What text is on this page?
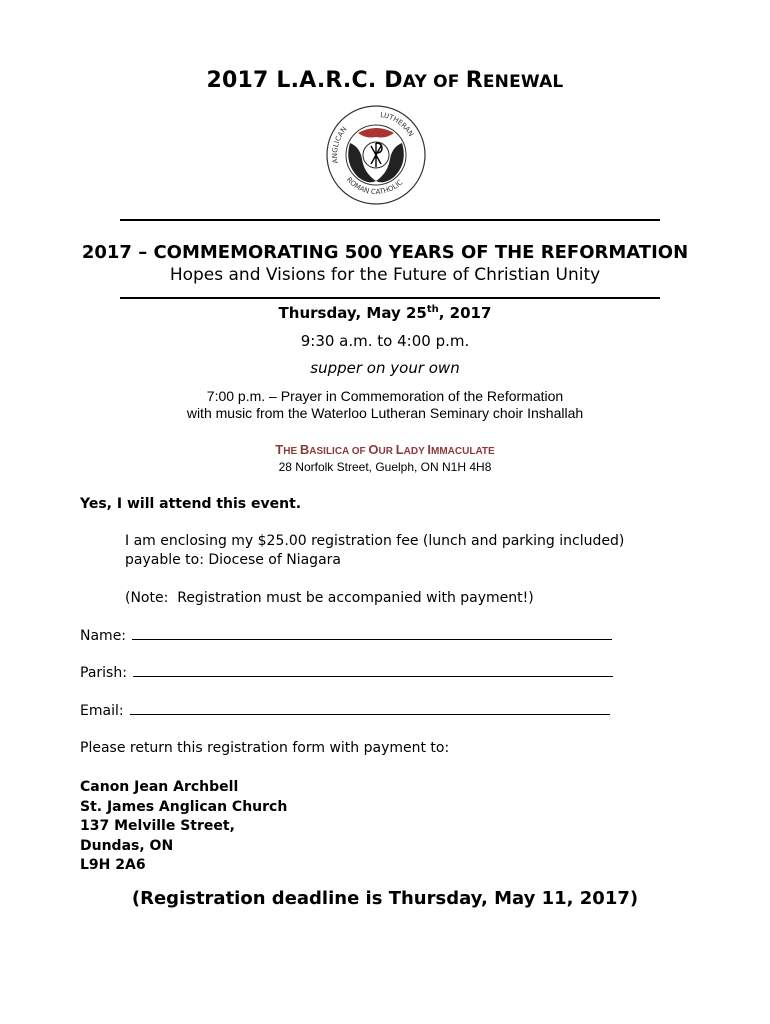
2017 L.A.R.C. DAY OF RENEWAL
ANGLICAN
LUTHERAN
ROMAN CATHOLIC
2017 – COMMEMORATING 500 YEARS OF THE REFORMATION
Hopes and Visions for the Future of Christian Unity
Thursday, May 25th, 2017
9:30 a.m. to 4:00 p.m.
supper on your own
7:00 p.m. – Prayer in Commemoration of the Reformation
with music from the Waterloo Lutheran Seminary choir Inshallah
THE BASILICA OF OUR LADY IMMACULATE
28 Norfolk Street, Guelph, ON N1H 4H8
Yes, I will attend this event.
I am enclosing my $25.00 registration fee (lunch and parking included)
payable to: Diocese of Niagara
(Note:  Registration must be accompanied with payment!)
Name:
Parish:
Email:
Please return this registration form with payment to:
Canon Jean Archbell
St. James Anglican Church
137 Melville Street,
Dundas, ON
L9H 2A6
(Registration deadline is Thursday, May 11, 2017)
